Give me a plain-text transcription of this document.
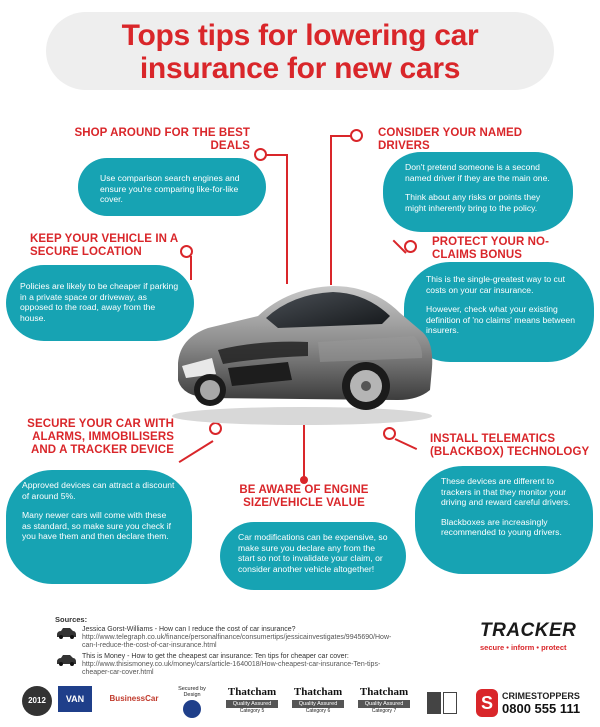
Tops tips for lowering car
insurance for new cars
SHOP AROUND FOR THE BEST DEALS

Use comparison search engines and ensure you're comparing like-for-like cover.

CONSIDER YOUR NAMED DRIVERS

Don't pretend someone is a second named driver if they are the main one.

Think about any risks or points they might inherently bring to the policy.

KEEP YOUR VEHICLE IN A SECURE LOCATION

Policies are likely to be cheaper if parking in a private space or driveway, as opposed to the road, away from the house.

PROTECT YOUR NO-CLAIMS BONUS

This is the single-greatest way to cut costs on your car insurance.

However, check what your existing definition of 'no claims' means between insurers.

SECURE YOUR CAR WITH ALARMS, IMMOBILISERS AND A TRACKER DEVICE

Approved devices can attract a discount of around 5%.

Many newer cars will come with these as standard, so make sure you check if you have them and then declare them.

BE AWARE OF ENGINE SIZE/VEHICLE VALUE

Car modifications can be expensive, so make sure you declare any from the start so not to invalidate your claim, or consider another vehicle altogether!

INSTALL TELEMATICS (BLACKBOX) TECHNOLOGY

These devices are different to trackers in that they monitor your driving and reward careful drivers.

Blackboxes are increasingly recommended to young drivers.

Sources:
Jessica Gorst-Williams - How can I reduce the cost of car insurance?
http://www.telegraph.co.uk/finance/personalfinance/consumertips/jessicainvestigates/9945690/How-can-I-reduce-the-cost-of-car-insurance.html
This is Money - How to get the cheapest car insurance: Ten tips for cheaper car cover:
http://www.thisismoney.co.uk/money/cars/article-1640018/How-cheapest-car-insurance-Ten-tips-cheaper-car-cover.html
TRACKER
secure • inform • protect
2012	VAN	BusinessCar
Secured by Design	Thatcham
Quality Assured
Category 5
Thatcham
Quality Assured
Category 6
Thatcham
Quality Assured
Category 7
	S	CRIMESTOPPERS
0800 555 111
